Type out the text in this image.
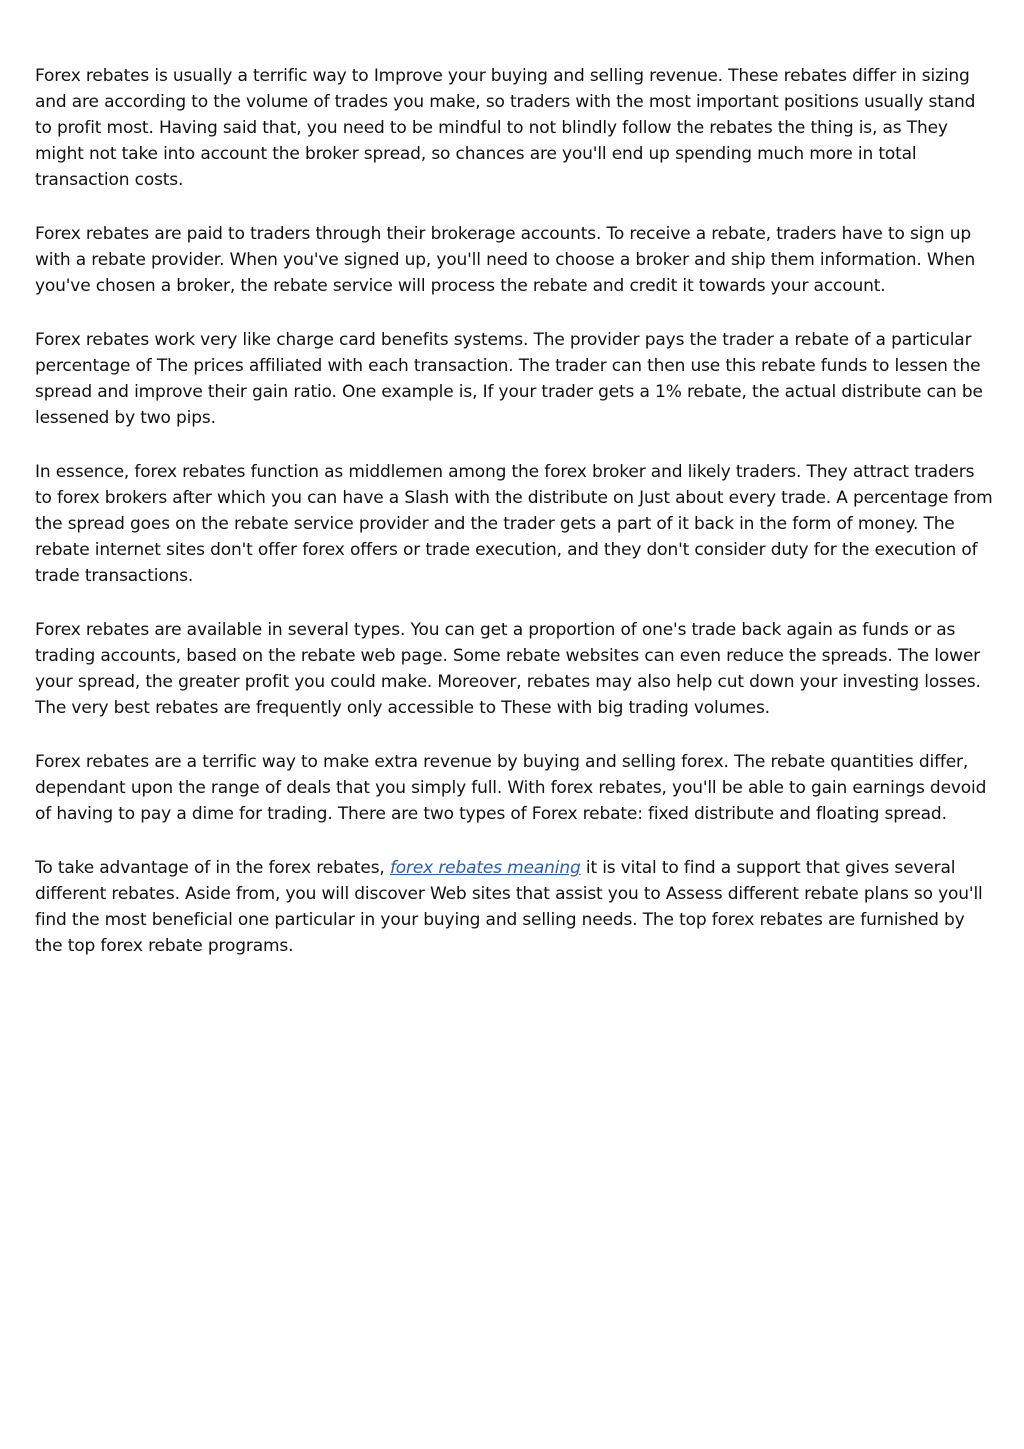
Forex rebates is usually a terrific way to Improve your buying and selling revenue. These rebates differ in sizing and are according to the volume of trades you make, so traders with the most important positions usually stand to profit most. Having said that, you need to be mindful to not blindly follow the rebates the thing is, as They might not take into account the broker spread, so chances are you'll end up spending much more in total transaction costs.

Forex rebates are paid to traders through their brokerage accounts. To receive a rebate, traders have to sign up with a rebate provider. When you've signed up, you'll need to choose a broker and ship them information. When you've chosen a broker, the rebate service will process the rebate and credit it towards your account.

Forex rebates work very like charge card benefits systems. The provider pays the trader a rebate of a particular percentage of The prices affiliated with each transaction. The trader can then use this rebate funds to lessen the spread and improve their gain ratio. One example is, If your trader gets a 1% rebate, the actual distribute can be lessened by two pips.

In essence, forex rebates function as middlemen among the forex broker and likely traders. They attract traders to forex brokers after which you can have a Slash with the distribute on Just about every trade. A percentage from the spread goes on the rebate service provider and the trader gets a part of it back in the form of money. The rebate internet sites don't offer forex offers or trade execution, and they don't consider duty for the execution of trade transactions.

Forex rebates are available in several types. You can get a proportion of one's trade back again as funds or as trading accounts, based on the rebate web page. Some rebate websites can even reduce the spreads. The lower your spread, the greater profit you could make. Moreover, rebates may also help cut down your investing losses. The very best rebates are frequently only accessible to These with big trading volumes.

Forex rebates are a terrific way to make extra revenue by buying and selling forex. The rebate quantities differ, dependant upon the range of deals that you simply full. With forex rebates, you'll be able to gain earnings devoid of having to pay a dime for trading. There are two types of Forex rebate: fixed distribute and floating spread.

To take advantage of in the forex rebates, forex rebates meaning it is vital to find a support that gives several different rebates. Aside from, you will discover Web sites that assist you to Assess different rebate plans so you'll find the most beneficial one particular in your buying and selling needs. The top forex rebates are furnished by the top forex rebate programs.
